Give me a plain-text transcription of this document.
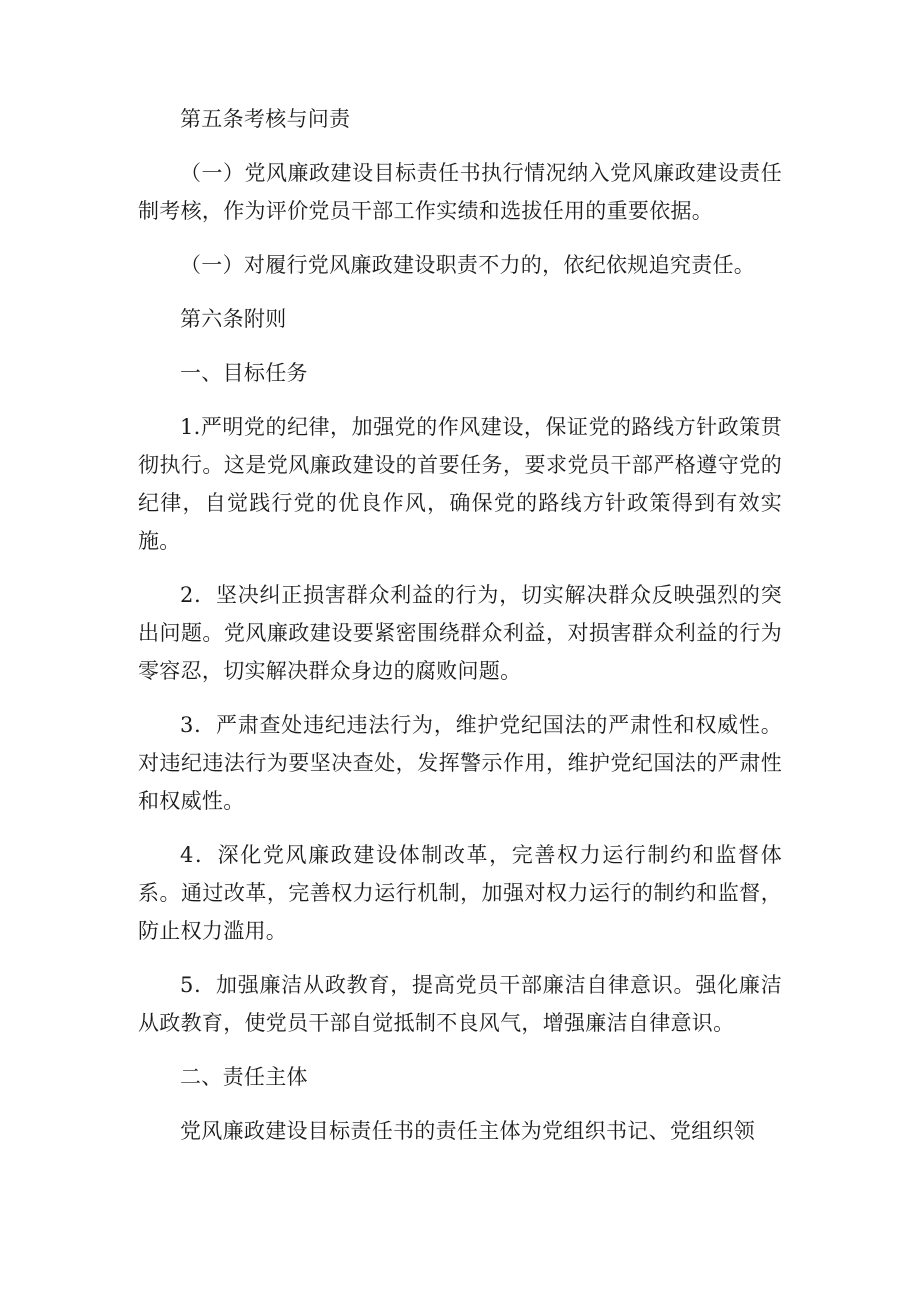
第五条考核与问责

（一）党风廉政建设目标责任书执行情况纳入党风廉政建设责任制考核，作为评价党员干部工作实绩和选拔任用的重要依据。

（一）对履行党风廉政建设职责不力的，依纪依规追究责任。

第六条附则

一、目标任务

1.严明党的纪律，加强党的作风建设，保证党的路线方针政策贯彻执行。这是党风廉政建设的首要任务，要求党员干部严格遵守党的纪律，自觉践行党的优良作风，确保党的路线方针政策得到有效实施。

2．坚决纠正损害群众利益的行为，切实解决群众反映强烈的突出问题。党风廉政建设要紧密围绕群众利益，对损害群众利益的行为零容忍，切实解决群众身边的腐败问题。

3．严肃查处违纪违法行为，维护党纪国法的严肃性和权威性。对违纪违法行为要坚决查处，发挥警示作用，维护党纪国法的严肃性和权威性。

4．深化党风廉政建设体制改革，完善权力运行制约和监督体系。通过改革，完善权力运行机制，加强对权力运行的制约和监督，防止权力滥用。

5．加强廉洁从政教育，提高党员干部廉洁自律意识。强化廉洁从政教育，使党员干部自觉抵制不良风气，增强廉洁自律意识。

二、责任主体

党风廉政建设目标责任书的责任主体为党组织书记、党组织领
